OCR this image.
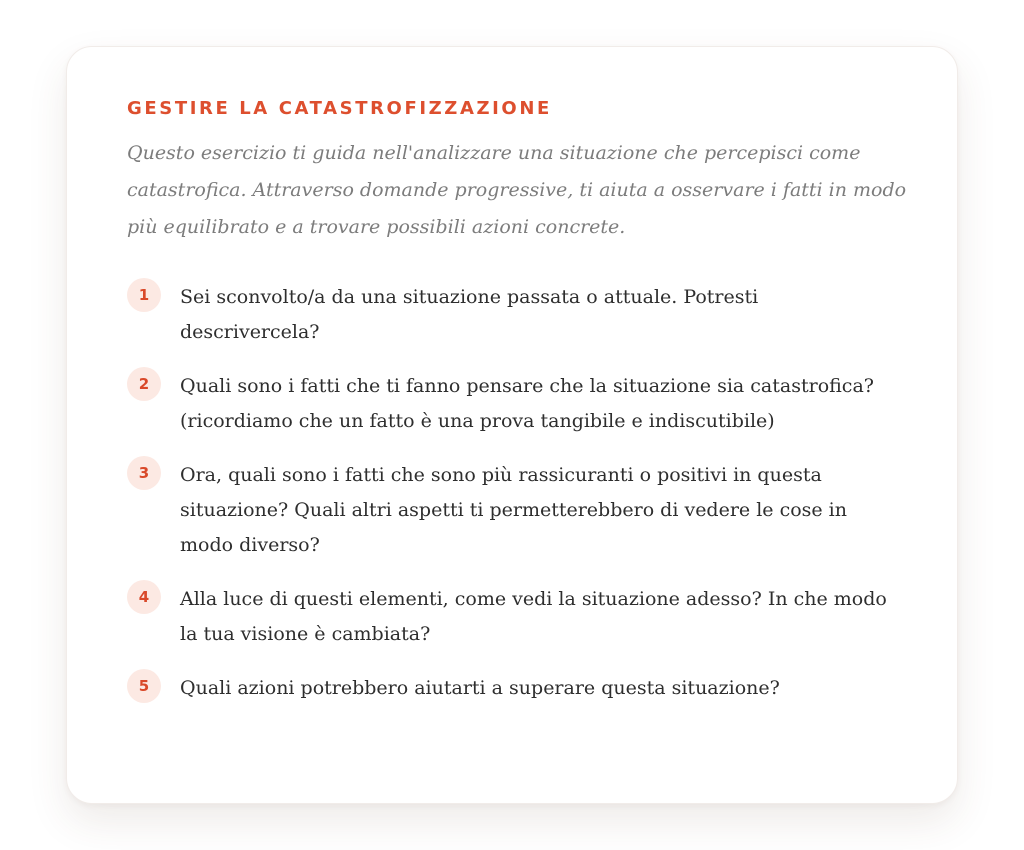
GESTIRE LA CATASTROFIZZAZIONE

Questo esercizio ti guida nell'analizzare una situazione che percepisci come catastrofica. Attraverso domande progressive, ti aiuta a osservare i fatti in modo più equilibrato e a trovare possibili azioni concrete.

1	Sei sconvolto/a da una situazione passata o attuale. Potresti descrivercela?
2	Quali sono i fatti che ti fanno pensare che la situazione sia catastrofica? (ricordiamo che un fatto è una prova tangibile e indiscutibile)
3	Ora, quali sono i fatti che sono più rassicuranti o positivi in questa situazione? Quali altri aspetti ti permetterebbero di vedere le cose in modo diverso?
4	Alla luce di questi elementi, come vedi la situazione adesso? In che modo la tua visione è cambiata?
5	Quali azioni potrebbero aiutarti a superare questa situazione?
